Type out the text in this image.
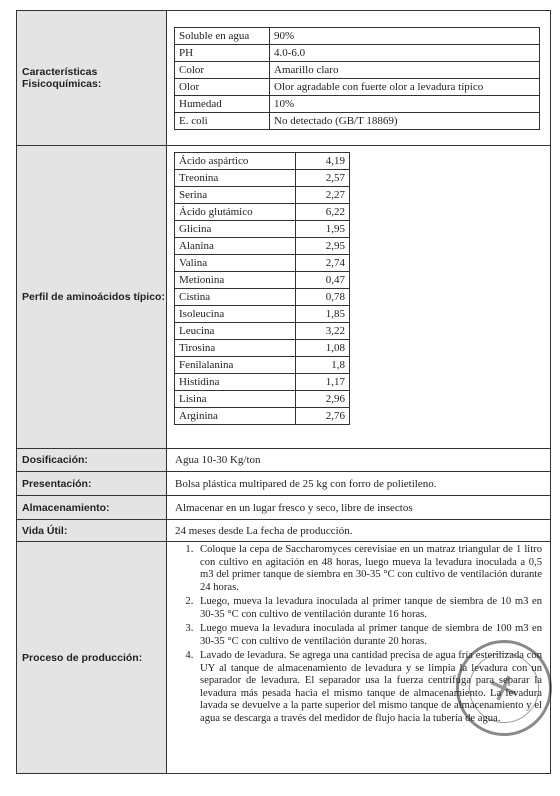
Características Fisicoquímicas:	
Soluble en agua	90%
PH	4.0-6.0
Color	Amarillo claro
Olor	Olor agradable con fuerte olor a levadura típico
Humedad	10%
E. coli	No detectado (GB/T 18869)

Perfil de aminoácidos típico:	
Ácido aspártico	4,19
Treonina	2,57
Serina	2,27
Ácido glutámico	6,22
Glicina	1,95
Alanina	2,95
Valina	2,74
Metionina	0,47
Cistina	0,78
Isoleucina	1,85
Leucina	3,22
Tirosina	1,08
Fenilalanina	1,8
Histidina	1,17
Lisina	2,96
Arginina	2,76

Dosificación:	Agua 10-30 Kg/ton
Presentación:	Bolsa plástica multipared de 25 kg con forro de polietileno.
Almacenamiento:	Almacenar en un lugar fresco y seco, libre de insectos
Vida Útil:	24 meses desde La fecha de producción.
Proceso de producción:	
1. Coloque la cepa de Saccharomyces cerevisiae en un matraz triangular de 1 litro con cultivo en agitación en 48 horas, luego mueva la levadura inoculada a 0,5 m3 del primer tanque de siembra en 30-35 °C con cultivo de ventilación durante 24 horas.
2. Luego, mueva la levadura inoculada al primer tanque de siembra de 10 m3 en 30-35 °C con cultivo de ventilación durante 16 horas.
3. Luego mueva la levadura inoculada al primer tanque de siembra de 100 m3 en 30-35 °C con cultivo de ventilación durante 20 horas.
4. Lavado de levadura. Se agrega una cantidad precisa de agua fría esterilizada con UY al tanque de almacenamiento de levadura y se limpia la levadura con un separador de levadura. El separador usa la fuerza centrífuga para separar la levadura más pesada hacia el mismo tanque de almacenamiento. La levadura lavada se devuelve a la parte superior del mismo tanque de almacenamiento y el agua se descarga a través del medidor de flujo hacia la tubería de agua.
✕
